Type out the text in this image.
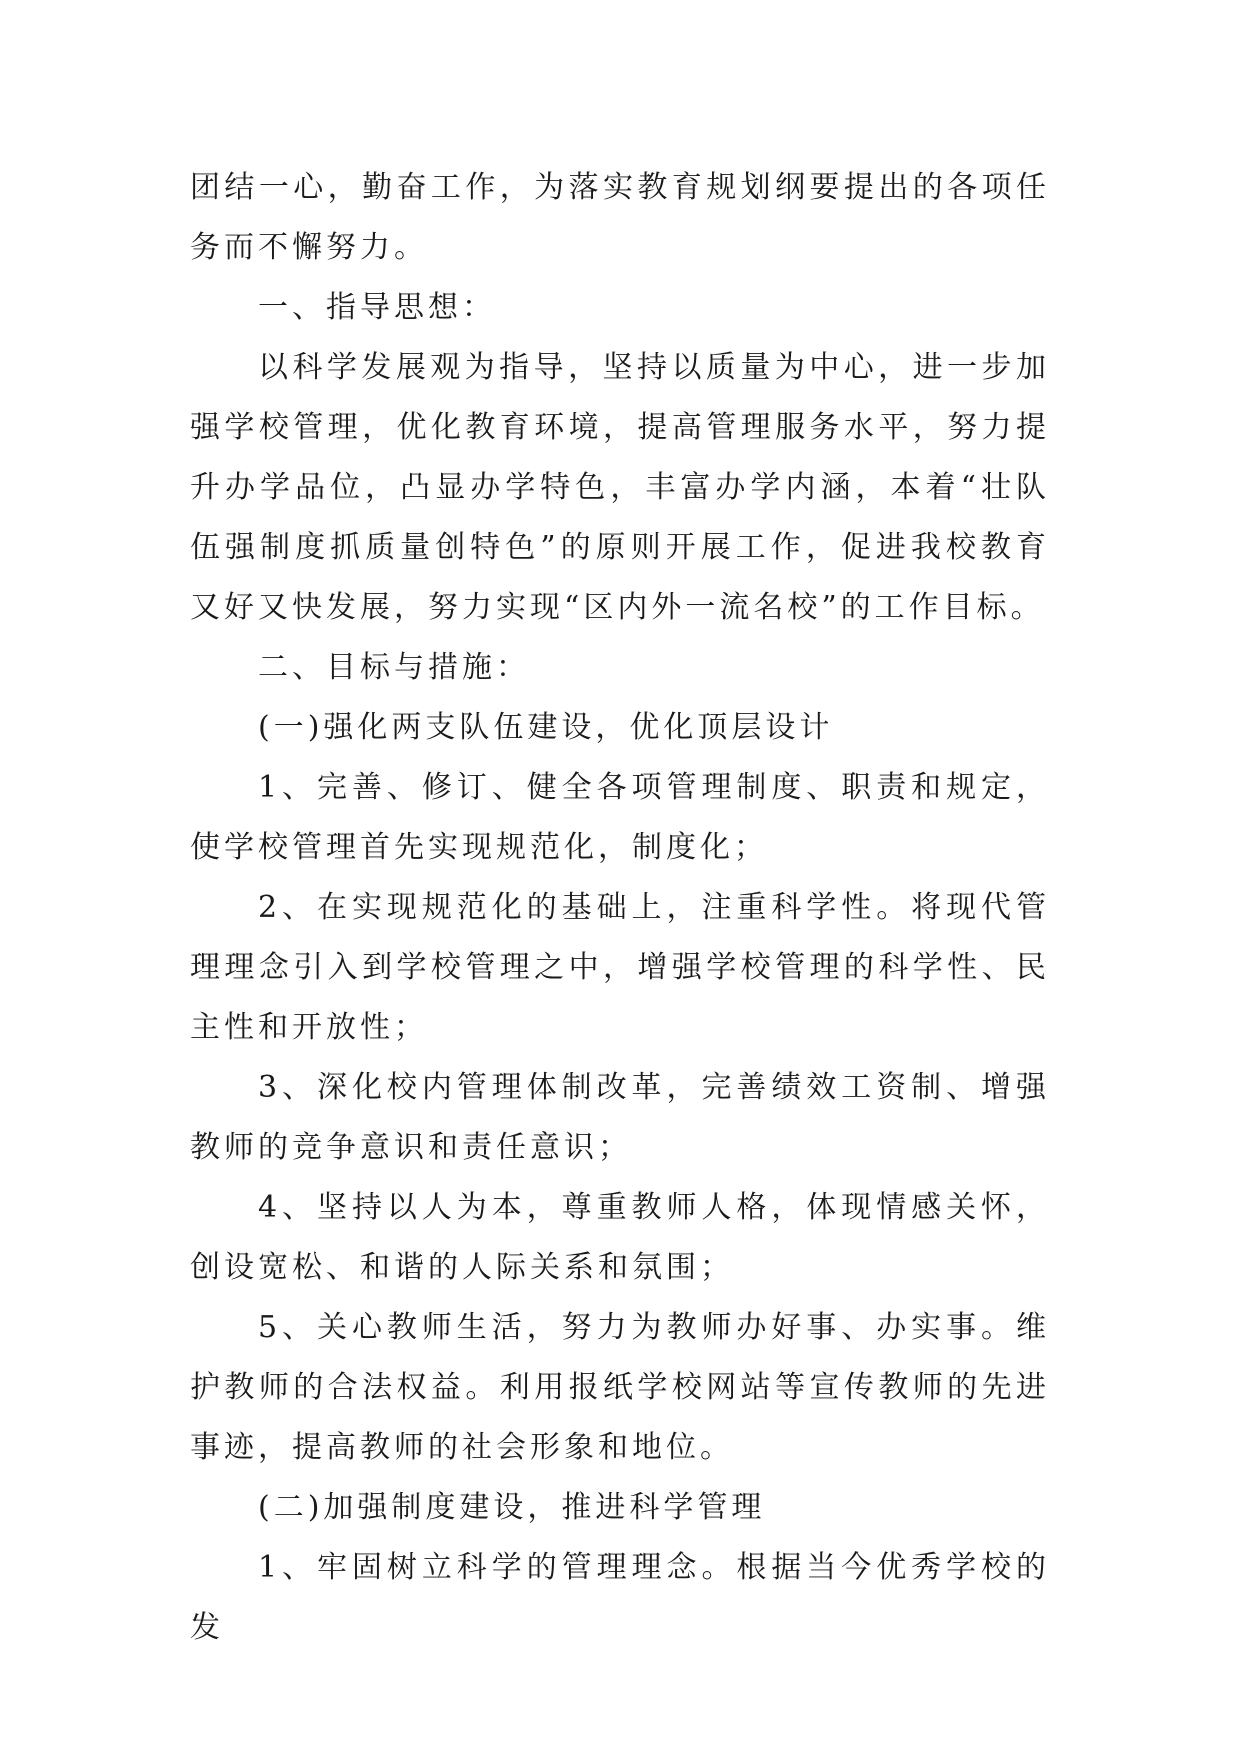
团结一心，勤奋工作，为落实教育规划纲要提出的各项任务而不懈努力。

一、指导思想：

以科学发展观为指导，坚持以质量为中心，进一步加强学校管理，优化教育环境，提高管理服务水平，努力提升办学品位，凸显办学特色，丰富办学内涵，本着“壮队伍强制度抓质量创特色”的原则开展工作，促进我校教育又好又快发展，努力实现“区内外一流名校”的工作目标。

二、目标与措施：

(一)强化两支队伍建设，优化顶层设计

1、完善、修订、健全各项管理制度、职责和规定，使学校管理首先实现规范化，制度化；

2、在实现规范化的基础上，注重科学性。将现代管理理念引入到学校管理之中，增强学校管理的科学性、民主性和开放性；

3、深化校内管理体制改革，完善绩效工资制、增强教师的竞争意识和责任意识；

4、坚持以人为本，尊重教师人格，体现情感关怀，创设宽松、和谐的人际关系和氛围；

5、关心教师生活，努力为教师办好事、办实事。维护教师的合法权益。利用报纸学校网站等宣传教师的先进事迹，提高教师的社会形象和地位。

(二)加强制度建设，推进科学管理

1、牢固树立科学的管理理念。根据当今优秀学校的发
